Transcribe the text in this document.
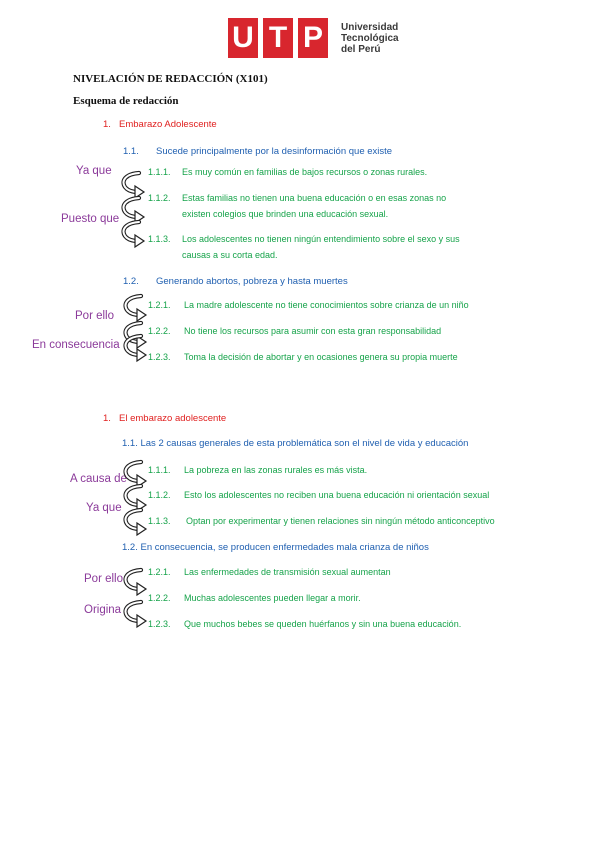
U T P Universidad
Tecnológica
del Perú
NIVELACIÓN DE REDACCIÓN (X101)
Esquema de redacción
1. Embarazo Adolescente
1.1. Sucede principalmente por la desinformación que existe
1.1.1. Es muy común en familias de bajos recursos o zonas rurales.
1.1.2. Estas familias no tienen una buena educación o en esas zonas no
existen colegios que brinden una educación sexual.
1.1.3. Los adolescentes no tienen ningún entendimiento sobre el sexo y sus
causas a su corta edad.
1.2. Generando abortos, pobreza y hasta muertes
1.2.1. La madre adolescente no tiene conocimientos sobre crianza de un niño
1.2.2. No tiene los recursos para asumir con esta gran responsabilidad
1.2.3. Toma la decisión de abortar y en ocasiones genera su propia muerte
Ya que
Puesto que
Por ello
En consecuencia
1. El embarazo adolescente
1.1. Las 2 causas generales de esta problemática son el nivel de vida y educación
1.1.1. La pobreza en las zonas rurales es más vista.
1.1.2. Esto los adolescentes no reciben una buena educación ni orientación sexual
1.1.3. Optan por experimentar y tienen relaciones sin ningún método anticonceptivo
1.2. En consecuencia, se producen enfermedades mala crianza de niños
1.2.1. Las enfermedades de transmisión sexual aumentan
1.2.2. Muchas adolescentes pueden llegar a morir.
1.2.3. Que muchos bebes se queden huérfanos y sin una buena educación.
A causa de
Ya que
Por ello
Origina
